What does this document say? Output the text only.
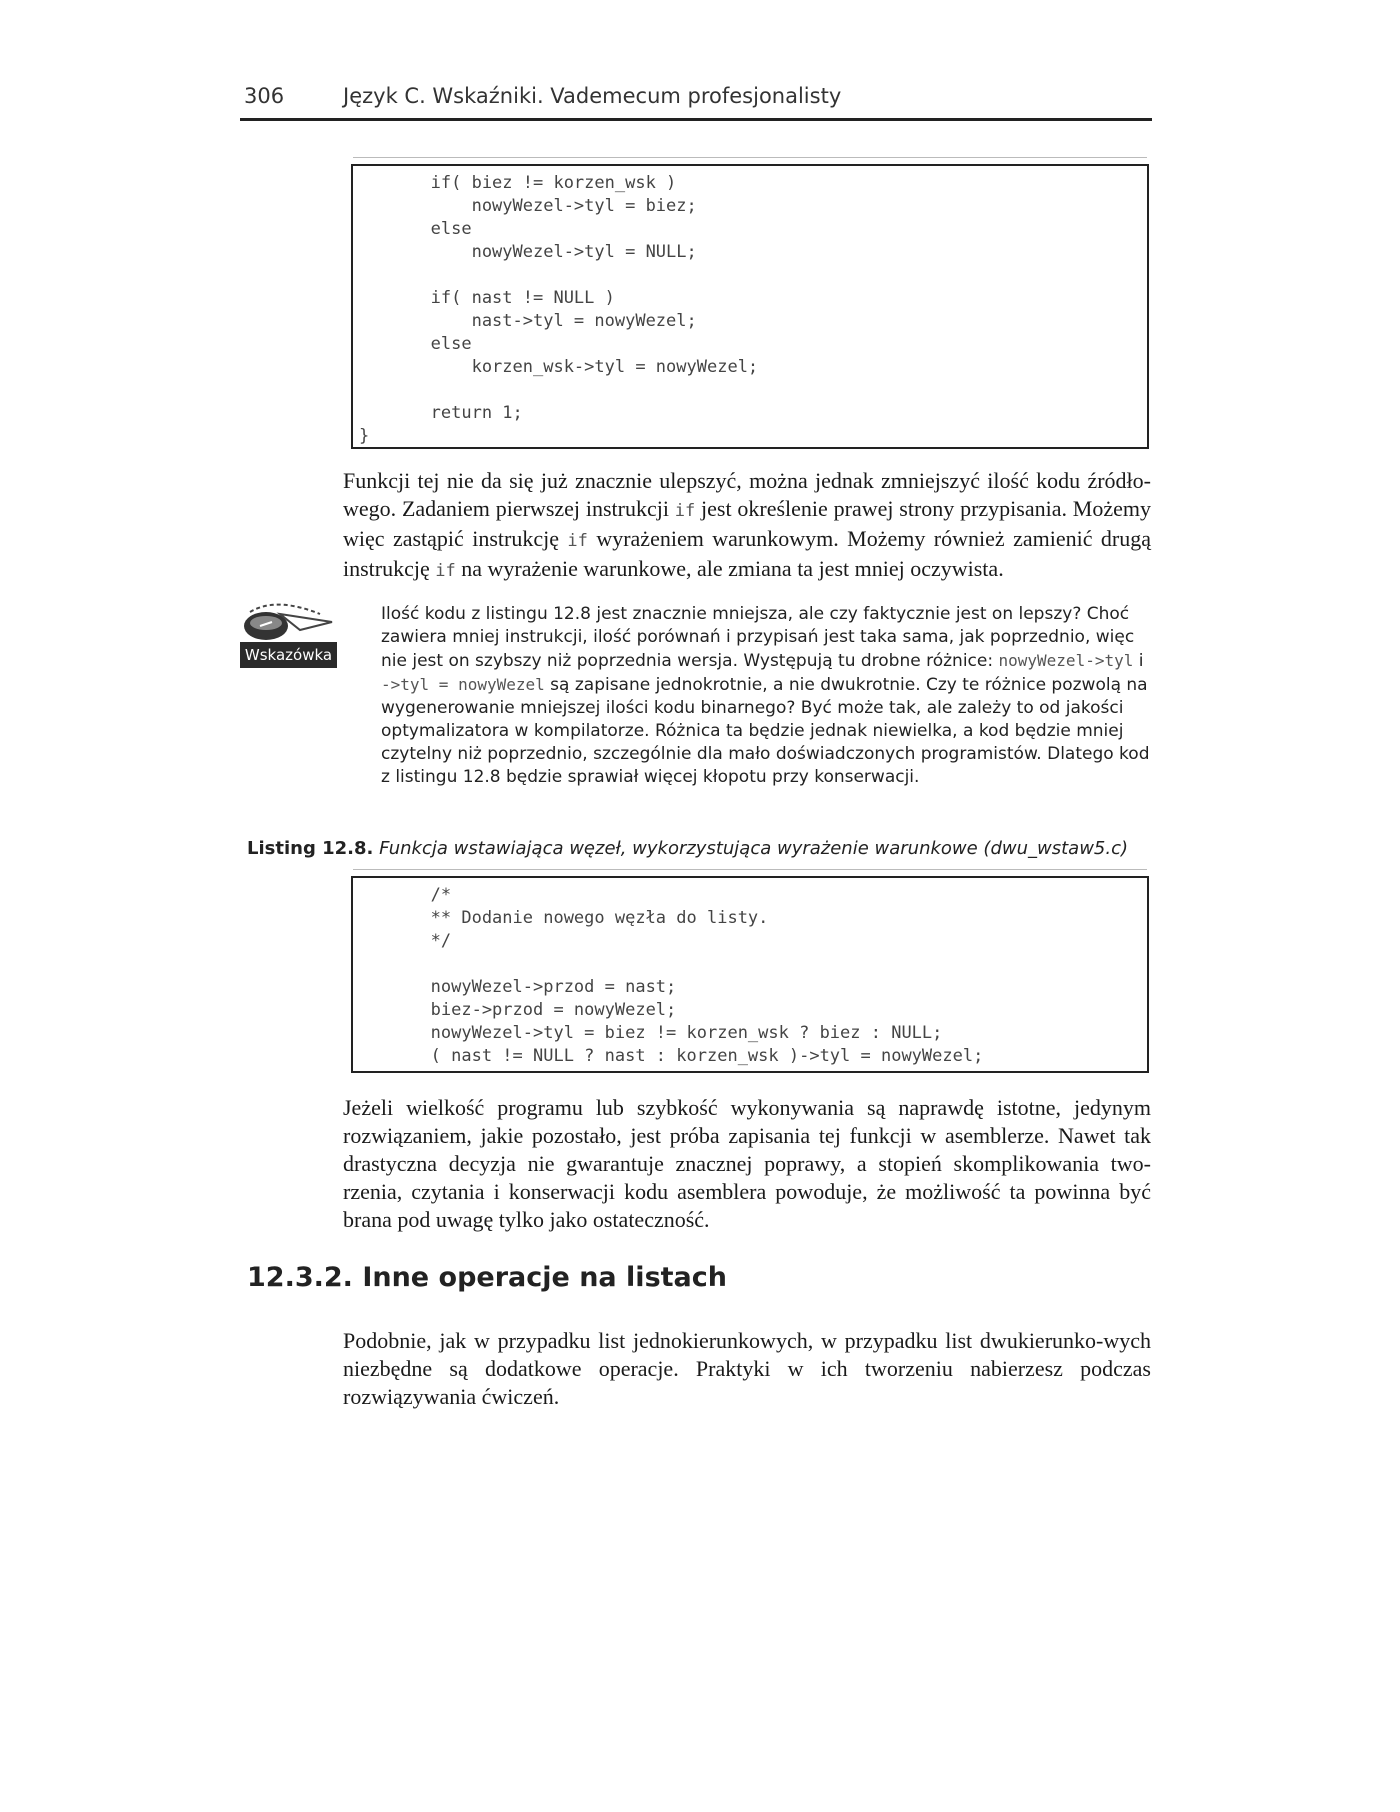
306	Język C. Wskaźniki. Vademecum profesjonalisty
if( biez != korzen_wsk )
nowyWezel->tyl = biez;
else
nowyWezel->tyl = NULL;

if( nast != NULL )
nast->tyl = nowyWezel;
else
korzen_wsk->tyl = nowyWezel;

return 1;
}

Funkcji tej nie da się już znacznie ulepszyć, można jednak zmniejszyć ilość kodu źródło-wego. Zadaniem pierwszej instrukcji if jest określenie prawej strony przypisania. Możemy więc zastąpić instrukcję if wyrażeniem warunkowym. Możemy również zamienić drugą instrukcję if na wyrażenie warunkowe, ale zmiana ta jest mniej oczywista.

Wskazówka

Ilość kodu z listingu 12.8 jest znacznie mniejsza, ale czy faktycznie jest on lepszy? Choć zawiera mniej instrukcji, ilość porównań i przypisań jest taka sama, jak poprzednio, więc nie jest on szybszy niż poprzednia wersja. Występują tu drobne różnice: nowyWezel->tyl i ->tyl = nowyWezel są zapisane jednokrotnie, a nie dwukrotnie. Czy te różnice pozwolą na wygenerowanie mniejszej ilości kodu binarnego? Być może tak, ale zależy to od jakości optymalizatora w kompilatorze. Różnica ta będzie jednak niewielka, a kod będzie mniej czytelny niż poprzednio, szczególnie dla mało doświadczonych programistów. Dlatego kod z listingu 12.8 będzie sprawiał więcej kłopotu przy konserwacji.

Listing 12.8. Funkcja wstawiająca węzeł, wykorzystująca wyrażenie warunkowe (dwu_wstaw5.c)
/*
** Dodanie nowego węzła do listy.
*/

nowyWezel->przod = nast;
biez->przod = nowyWezel;
nowyWezel->tyl = biez != korzen_wsk ? biez : NULL;
( nast != NULL ? nast : korzen_wsk )->tyl = nowyWezel;

Jeżeli wielkość programu lub szybkość wykonywania są naprawdę istotne, jedynym rozwiązaniem, jakie pozostało, jest próba zapisania tej funkcji w asemblerze. Nawet tak drastyczna decyzja nie gwarantuje znacznej poprawy, a stopień skomplikowania two-rzenia, czytania i konserwacji kodu asemblera powoduje, że możliwość ta powinna być brana pod uwagę tylko jako ostateczność.

12.3.2. Inne operacje na listach

Podobnie, jak w przypadku list jednokierunkowych, w przypadku list dwukierunko-wych niezbędne są dodatkowe operacje. Praktyki w ich tworzeniu nabierzesz podczas rozwiązywania ćwiczeń.
